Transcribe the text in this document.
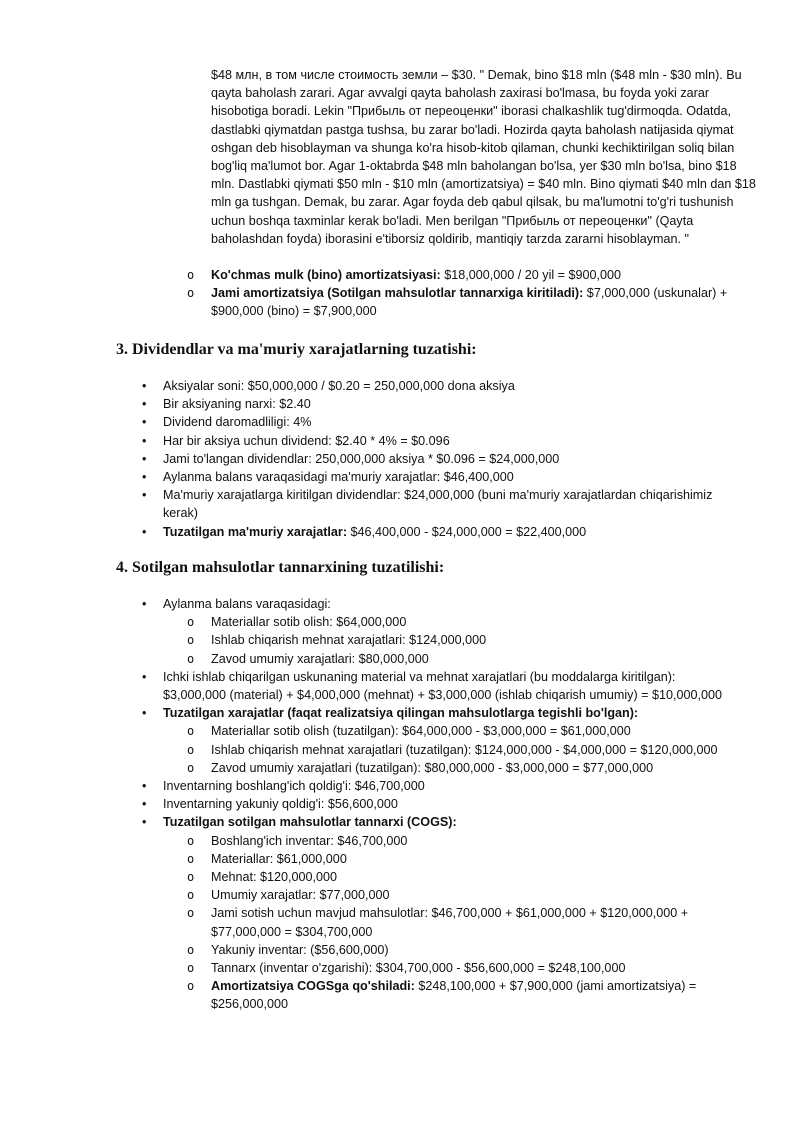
$48 млн, в том числе стоимость земли – $30. " Demak, bino $18 mln ($48 mln - $30 mln). Bu qayta baholash zarari. Agar avvalgi qayta baholash zaxirasi bo'lmasa, bu foyda yoki zarar hisobotiga boradi. Lekin "Прибыль от переоценки" iborasi chalkashlik tug'dirmoqda. Odatda, dastlabki qiymatdan pastga tushsa, bu zarar bo'ladi. Hozirda qayta baholash natijasida qiymat oshgan deb hisoblayman va shunga ko'ra hisob-kitob qilaman, chunki kechiktirilgan soliq bilan bog'liq ma'lumot bor. Agar 1-oktabrda $48 mln baholangan bo'lsa, yer $30 mln bo'lsa, bino $18 mln. Dastlabki qiymati $50 mln - $10 mln (amortizatsiya) = $40 mln. Bino qiymati $40 mln dan $18 mln ga tushgan. Demak, bu zarar. Agar foyda deb qabul qilsak, bu ma'lumotni to'g'ri tushunish uchun boshqa taxminlar kerak bo'ladi. Men berilgan "Прибыль от переоценки" (Qayta baholashdan foyda) iborasini e'tiborsiz qoldirib, mantiqiy tarzda zararni hisoblayman. "

o Ko'chmas mulk (bino) amortizatsiyasi: $18,000,000 / 20 yil = $900,000
o Jami amortizatsiya (Sotilgan mahsulotlar tannarxiga kiritiladi): $7,000,000 (uskunalar) + $900,000 (bino) = $7,900,000
3. Dividendlar va ma'muriy xarajatlarning tuzatishi:
• Aksiyalar soni: $50,000,000 / $0.20 = 250,000,000 dona aksiya
• Bir aksiyaning narxi: $2.40
• Dividend daromadliligi: 4%
• Har bir aksiya uchun dividend: $2.40 * 4% = $0.096
• Jami to'langan dividendlar: 250,000,000 aksiya * $0.096 = $24,000,000
• Aylanma balans varaqasidagi ma'muriy xarajatlar: $46,400,000
• Ma'muriy xarajatlarga kiritilgan dividendlar: $24,000,000 (buni ma'muriy xarajatlardan chiqarishimiz kerak)
• Tuzatilgan ma'muriy xarajatlar: $46,400,000 - $24,000,000 = $22,400,000
4. Sotilgan mahsulotlar tannarxining tuzatilishi:
• Aylanma balans varaqasidagi:
o Materiallar sotib olish: $64,000,000
o Ishlab chiqarish mehnat xarajatlari: $124,000,000
o Zavod umumiy xarajatlari: $80,000,000
• Ichki ishlab chiqarilgan uskunaning material va mehnat xarajatlari (bu moddalarga kiritilgan): $3,000,000 (material) + $4,000,000 (mehnat) + $3,000,000 (ishlab chiqarish umumiy) = $10,000,000
• Tuzatilgan xarajatlar (faqat realizatsiya qilingan mahsulotlarga tegishli bo'lgan):
o Materiallar sotib olish (tuzatilgan): $64,000,000 - $3,000,000 = $61,000,000
o Ishlab chiqarish mehnat xarajatlari (tuzatilgan): $124,000,000 - $4,000,000 = $120,000,000
o Zavod umumiy xarajatlari (tuzatilgan): $80,000,000 - $3,000,000 = $77,000,000
• Inventarning boshlang'ich qoldig'i: $46,700,000
• Inventarning yakuniy qoldig'i: $56,600,000
• Tuzatilgan sotilgan mahsulotlar tannarxi (COGS):
o Boshlang'ich inventar: $46,700,000
o Materiallar: $61,000,000
o Mehnat: $120,000,000
o Umumiy xarajatlar: $77,000,000
o Jami sotish uchun mavjud mahsulotlar: $46,700,000 + $61,000,000 + $120,000,000 + $77,000,000 = $304,700,000
o Yakuniy inventar: ($56,600,000)
o Tannarx (inventar o'zgarishi): $304,700,000 - $56,600,000 = $248,100,000
o Amortizatsiya COGSga qo'shiladi: $248,100,000 + $7,900,000 (jami amortizatsiya) = $256,000,000
